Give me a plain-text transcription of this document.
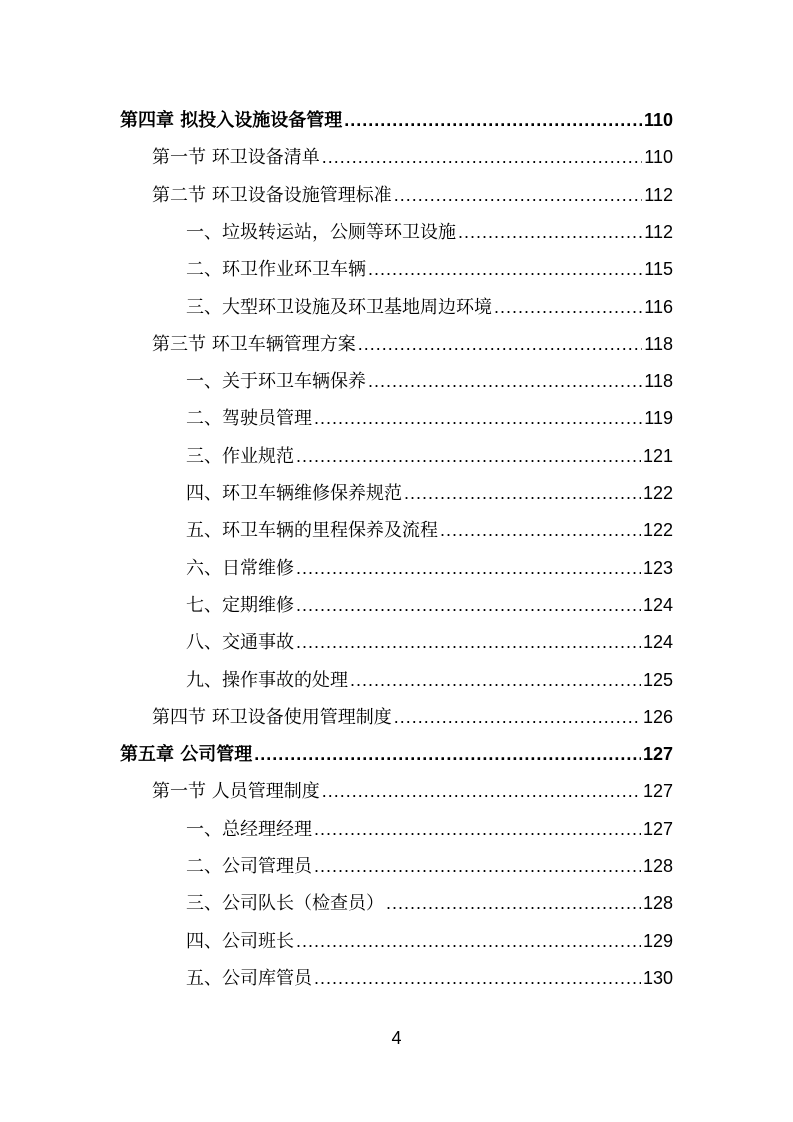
第四章 拟投入设施设备管理 .....	110
第一节 环卫设备清单 .....	110
第二节 环卫设备设施管理标准 .....	112
一、垃圾转运站，公厕等环卫设施 .....	112
二、环卫作业环卫车辆 .....	115
三、大型环卫设施及环卫基地周边环境 .....	116
第三节 环卫车辆管理方案 .....	118
一、关于环卫车辆保养 .....	118
二、驾驶员管理 .....	119
三、作业规范 .....	121
四、环卫车辆维修保养规范 .....	122
五、环卫车辆的里程保养及流程 .....	122
六、日常维修 .....	123
七、定期维修 .....	124
八、交通事故 .....	124
九、操作事故的处理 .....	125
第四节 环卫设备使用管理制度 .....	126
第五章 公司管理 .....	127
第一节 人员管理制度 .....	127
一、总经理经理 .....	127
二、公司管理员 .....	128
三、公司队长（检查员） .....	128
四、公司班长 .....	129
五、公司库管员 .....	130
4
